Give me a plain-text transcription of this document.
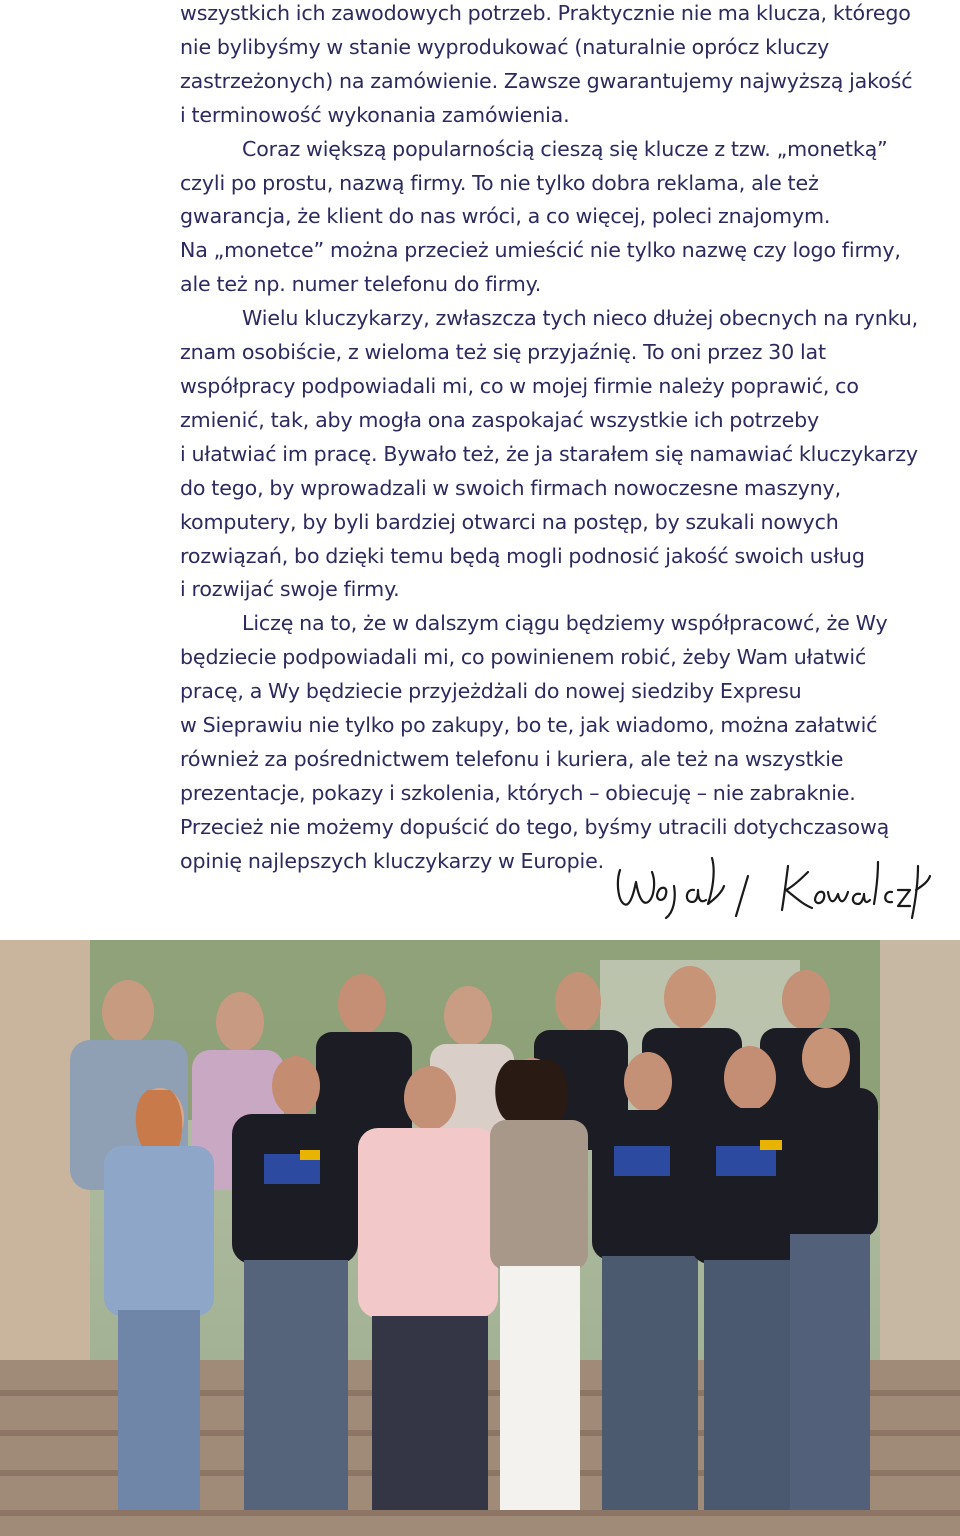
wszystkich ich zawodowych potrzeb. Praktycznie nie ma klucza, którego
nie bylibyśmy w stanie wyprodukować (naturalnie oprócz kluczy
zastrzeżonych) na zamówienie. Zawsze gwarantujemy najwyższą jakość
i terminowość wykonania zamówienia.
Coraz większą popularnością cieszą się klucze z tzw. „monetką”
czyli po prostu, nazwą firmy. To nie tylko dobra reklama, ale też
gwarancja, że klient do nas wróci, a co więcej, poleci znajomym.
Na „monetce” można przecież umieścić nie tylko nazwę czy logo firmy,
ale też np. numer telefonu do firmy.
Wielu kluczykarzy, zwłaszcza tych nieco dłużej obecnych na rynku,
znam osobiście, z wieloma też się przyjaźnię. To oni przez 30 lat
współpracy podpowiadali mi, co w mojej firmie należy poprawić, co
zmienić, tak, aby mogła ona zaspokajać wszystkie ich potrzeby
i ułatwiać im pracę. Bywało też, że ja starałem się namawiać kluczykarzy
do tego, by wprowadzali w swoich firmach nowoczesne maszyny,
komputery, by byli bardziej otwarci na postęp, by szukali nowych
rozwiązań, bo dzięki temu będą mogli podnosić jakość swoich usług
i rozwijać swoje firmy.
Liczę na to, że w dalszym ciągu będziemy współpracowć, że Wy
będziecie podpowiadali mi, co powinienem robić, żeby Wam ułatwić
pracę, a Wy będziecie przyjeżdżali do nowej siedziby Expresu
w Sieprawiu nie tylko po zakupy, bo te, jak wiadomo, można załatwić
również za pośrednictwem telefonu i kuriera, ale też na wszystkie
prezentacje, pokazy i szkolenia, których – obiecuję – nie zabraknie.
Przecież nie możemy dopuścić do tego, byśmy utracili dotychczasową
opinię najlepszych kluczykarzy w Europie.
